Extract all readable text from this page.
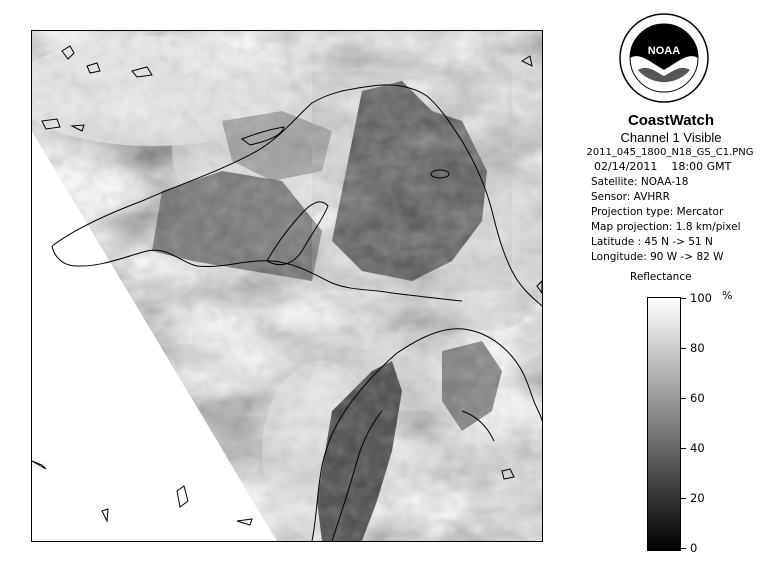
NOAA
CoastWatch
Channel 1 Visible
2011_045_1800_N18_GS_C1.PNG
02/14/2011    18:00 GMT
Satellite: NOAA-18
Sensor: AVHRR
Projection type: Mercator
Map projection: 1.8 km/pixel
Latitude : 45 N -> 51 N
Longitude: 90 W -> 82 W
Reflectance
%
100
80
60
40
20
0
